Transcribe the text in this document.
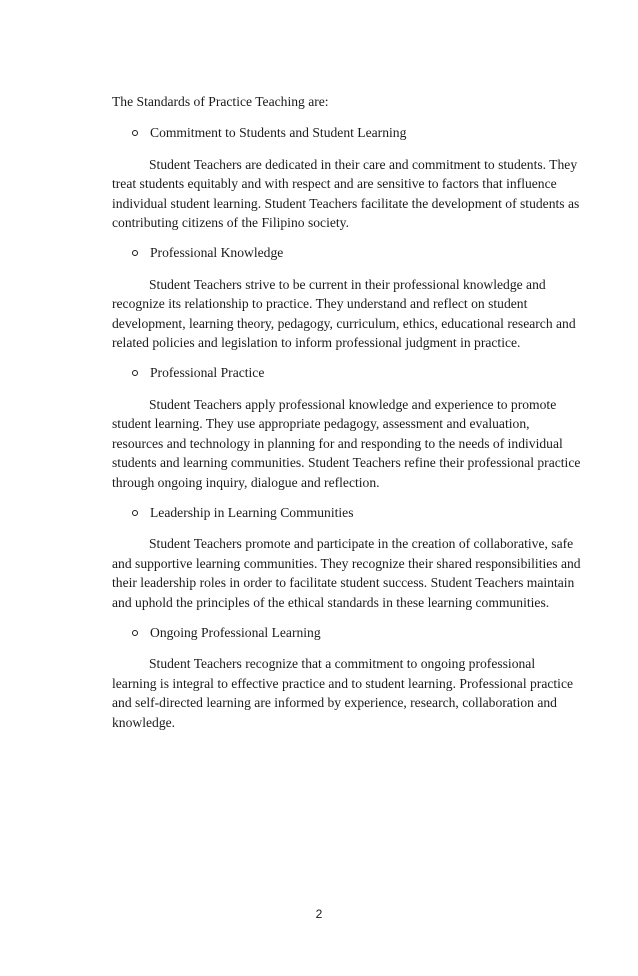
The Standards of Practice Teaching are:

Commitment to Students and Student Learning

Student Teachers are dedicated in their care and commitment to students. They
treat students equitably and with respect and are sensitive to factors that influence
individual student learning. Student Teachers facilitate the development of students as
contributing citizens of the Filipino society.

Professional Knowledge

Student Teachers strive to be current in their professional knowledge and
recognize its relationship to practice. They understand and reflect on student
development, learning theory, pedagogy, curriculum, ethics, educational research and
related policies and legislation to inform professional judgment in practice.

Professional Practice

Student Teachers apply professional knowledge and experience to promote
student learning. They use appropriate pedagogy, assessment and evaluation,
resources and technology in planning for and responding to the needs of individual
students and learning communities. Student Teachers refine their professional practice
through ongoing inquiry, dialogue and reflection.

Leadership in Learning Communities

Student Teachers promote and participate in the creation of collaborative, safe
and supportive learning communities. They recognize their shared responsibilities and
their leadership roles in order to facilitate student success. Student Teachers maintain
and uphold the principles of the ethical standards in these learning communities.

Ongoing Professional Learning

Student Teachers recognize that a commitment to ongoing professional
learning is integral to effective practice and to student learning. Professional practice
and self-directed learning are informed by experience, research, collaboration and
knowledge.

2
